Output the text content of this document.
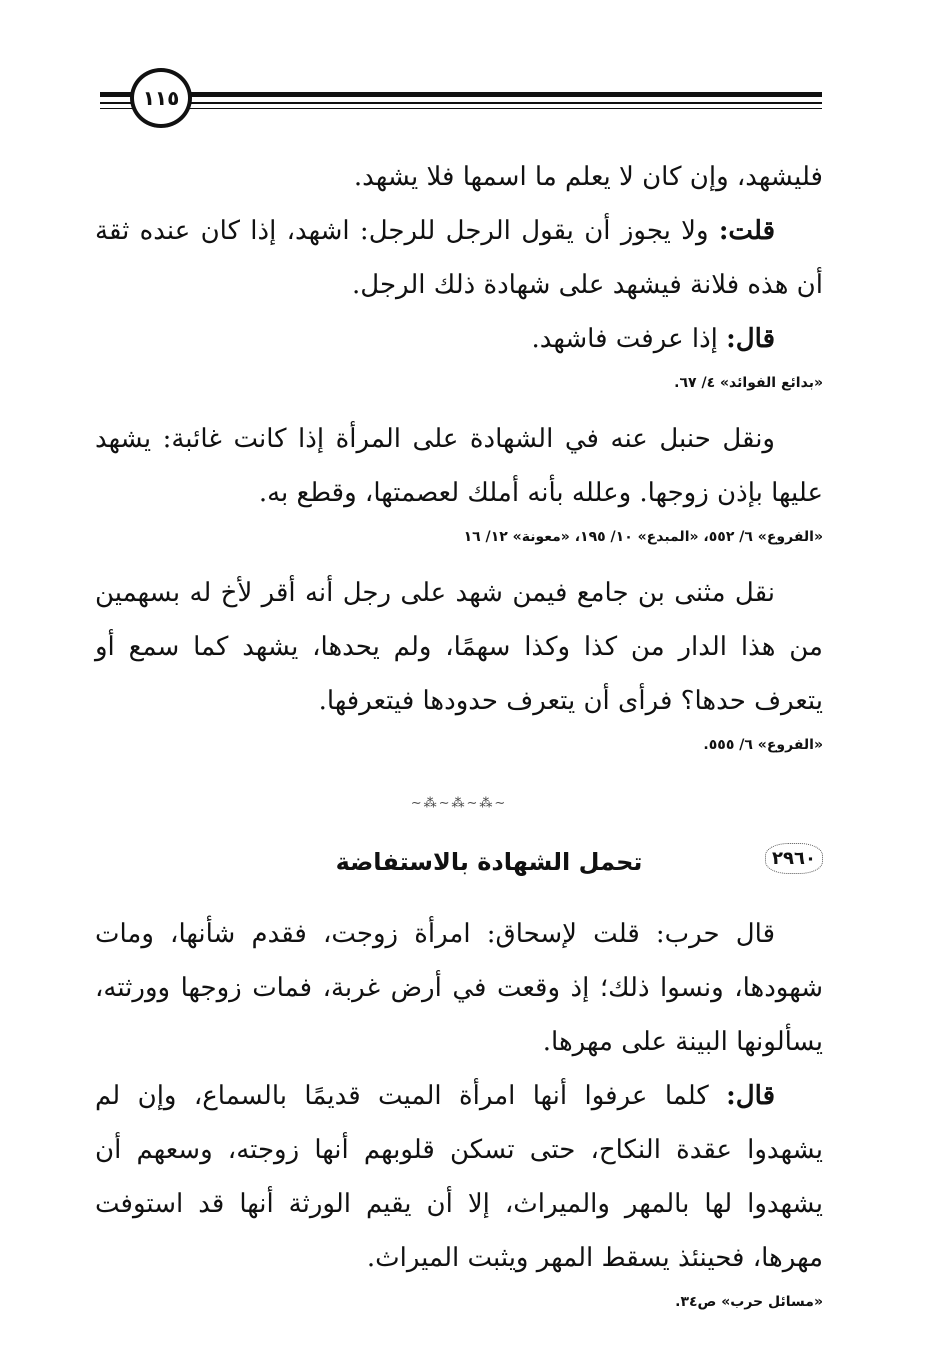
١١٥

فليشهد، وإن كان لا يعلم ما اسمها فلا يشهد.

قلت: ولا يجوز أن يقول الرجل للرجل: اشهد، إذا كان عنده ثقة أن هذه فلانة فيشهد على شهادة ذلك الرجل.

قال: إذا عرفت فاشهد.

«بدائع الفوائد» ٤/ ٦٧.

ونقل حنبل عنه في الشهادة على المرأة إذا كانت غائبة: يشهد عليها بإذن زوجها. وعلله بأنه أملك لعصمتها، وقطع به.

«الفروع» ٦/ ٥٥٢، «المبدع» ١٠/ ١٩٥، «معونة» ١٢/ ١٦

نقل مثنى بن جامع فيمن شهد على رجل أنه أقر لأخ له بسهمين من هذا الدار من كذا وكذا سهمًا، ولم يحدها، يشهد كما سمع أو يتعرف حدها؟ فرأى أن يتعرف حدودها فيتعرفها.

«الفروع» ٦/ ٥٥٥.
∽⁂∽⁂∽⁂∽
٢٩٦٠
تحمل الشهادة بالاستفاضة

قال حرب: قلت لإسحاق: امرأة زوجت، فقدم شأنها، ومات شهودها، ونسوا ذلك؛ إذ وقعت في أرض غربة، فمات زوجها وورثته، يسألونها البينة على مهرها.

قال: كلما عرفوا أنها امرأة الميت قديمًا بالسماع، وإن لم يشهدوا عقدة النكاح، حتى تسكن قلوبهم أنها زوجته، وسعهم أن يشهدوا لها بالمهر والميراث، إلا أن يقيم الورثة أنها قد استوفت مهرها، فحينئذ يسقط المهر ويثبت الميراث.

«مسائل حرب» ص٣٤.
